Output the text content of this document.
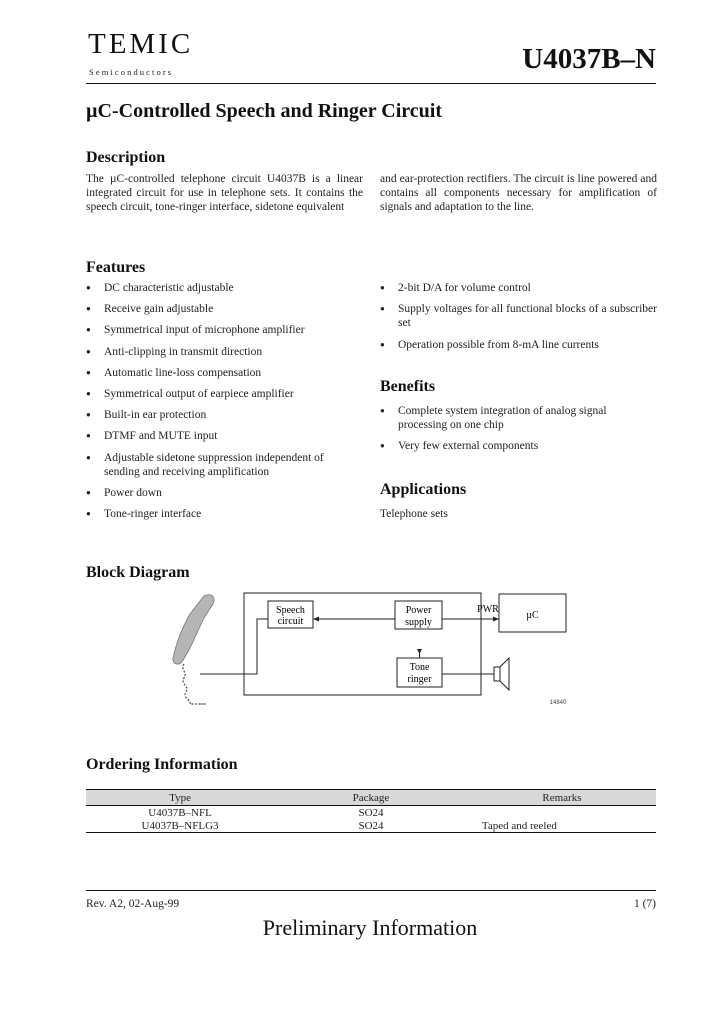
TEMIC
Semiconductors	U4037B–N
µC-Controlled Speech and Ringer Circuit
Description
The µC-controlled telephone circuit U4037B is a linear integrated circuit for use in telephone sets. It contains the speech circuit, tone-ringer interface, sidetone equivalent
and ear-protection rectifiers. The circuit is line powered and contains all components necessary for amplification of signals and adaptation to the line.
Features
● DC characteristic adjustable
● Receive gain adjustable
● Symmetrical input of microphone amplifier
● Anti-clipping in transmit direction
● Automatic line-loss compensation
● Symmetrical output of earpiece amplifier
● Built-in ear protection
● DTMF and MUTE input
● Adjustable sidetone suppression independent of sending and receiving amplification
● Power down
● Tone-ringer interface
● 2-bit D/A for volume control
● Supply voltages for all functional blocks of a subscriber set
● Operation possible from 8-mA line currents
Benefits
● Complete system integration of analog signal processing on one chip
● Very few external components
Applications
Telephone sets
Block Diagram
Speech
circuit
Power
supply
Tone
ringer
µC
PWR
14840
Ordering Information
Type	Package	Remarks
U4037B–NFL	SO24	
U4037B–NFLG3	SO24	Taped and reeled
Rev. A2, 02-Aug-99	1 (7)
Preliminary Information
